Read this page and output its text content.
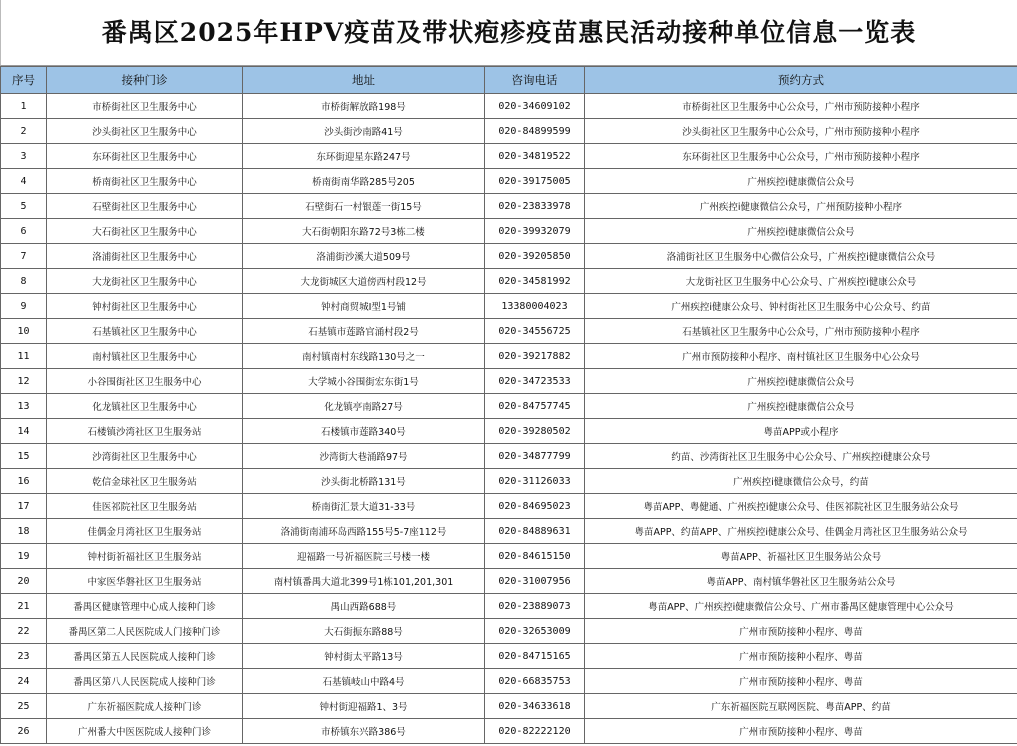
番禺区2025年HPV疫苗及带状疱疹疫苗惠民活动接种单位信息一览表
序号	接种门诊	地址	咨询电话	预约方式
1	市桥街社区卫生服务中心	市桥街解放路198号	020-34609102	市桥街社区卫生服务中心公众号，广州市预防接种小程序
2	沙头街社区卫生服务中心	沙头街沙南路41号	020-84899599	沙头街社区卫生服务中心公众号，广州市预防接种小程序
3	东环街社区卫生服务中心	东环街迎星东路247号	020-34819522	东环街社区卫生服务中心公众号，广州市预防接种小程序
4	桥南街社区卫生服务中心	桥南街南华路285号205	020-39175005	广州疾控i健康微信公众号
5	石壁街社区卫生服务中心	石壁街石一村银莲一街15号	020-23833978	广州疾控i健康微信公众号，广州预防接种小程序
6	大石街社区卫生服务中心	大石街朝阳东路72号3栋二楼	020-39932079	广州疾控i健康微信公众号
7	洛浦街社区卫生服务中心	洛浦街沙溪大道509号	020-39205850	洛浦街社区卫生服务中心微信公众号，广州疾控i健康微信公众号
8	大龙街社区卫生服务中心	大龙街城区大道傍西村段12号	020-34581992	大龙街社区卫生服务中心公众号、广州疾控i健康公众号
9	钟村街社区卫生服务中心	钟村商贸城I型1号铺	13380004023	广州疾控i健康公众号、钟村街社区卫生服务中心公众号、约苗
10	石基镇社区卫生服务中心	石基镇市莲路官涌村段2号	020-34556725	石基镇社区卫生服务中心公众号，广州市预防接种小程序
11	南村镇社区卫生服务中心	南村镇南村东线路130号之一	020-39217882	广州市预防接种小程序、南村镇社区卫生服务中心公众号
12	小谷围街社区卫生服务中心	大学城小谷围街宏东街1号	020-34723533	广州疾控i健康微信公众号
13	化龙镇社区卫生服务中心	化龙镇亭南路27号	020-84757745	广州疾控i健康微信公众号
14	石楼镇沙湾社区卫生服务站	石楼镇市莲路340号	020-39280502	粤苗APP或小程序
15	沙湾街社区卫生服务中心	沙湾街大巷涌路97号	020-34877799	约苗、沙湾街社区卫生服务中心公众号、广州疾控i健康公众号
16	乾信金球社区卫生服务站	沙头街北桥路131号	020-31126033	广州疾控i健康微信公众号，约苗
17	佳医祁院社区卫生服务站	桥南街汇景大道31-33号	020-84695023	粤苗APP、粤健通、广州疾控i健康公众号、佳医祁院社区卫生服务站公众号
18	佳偶金月湾社区卫生服务站	洛浦街南浦环岛西路155号5-7座112号	020-84889631	粤苗APP、约苗APP、广州疾控i健康公众号、佳偶金月湾社区卫生服务站公众号
19	钟村街祈福社区卫生服务站	迎福路一号祈福医院三号楼一楼	020-84615150	粤苗APP、祈福社区卫生服务站公众号
20	中家医华磐社区卫生服务站	南村镇番禺大道北399号1栋101,201,301	020-31007956	粤苗APP、南村镇华磐社区卫生服务站公众号
21	番禺区健康管理中心成人接种门诊	禺山西路688号	020-23889073	粤苗APP、广州疾控i健康微信公众号、广州市番禺区健康管理中心公众号
22	番禺区第二人民医院成人门接种门诊	大石街振东路88号	020-32653009	广州市预防接种小程序、粤苗
23	番禺区第五人民医院成人接种门诊	钟村街太平路13号	020-84715165	广州市预防接种小程序、粤苗
24	番禺区第八人民医院成人接种门诊	石基镇岐山中路4号	020-66835753	广州市预防接种小程序、粤苗
25	广东祈福医院成人接种门诊	钟村街迎福路1、3号	020-34633618	广东祈福医院互联网医院、粤苗APP、约苗
26	广州番大中医医院成人接种门诊	市桥镇东兴路386号	020-82222120	广州市预防接种小程序、粤苗
